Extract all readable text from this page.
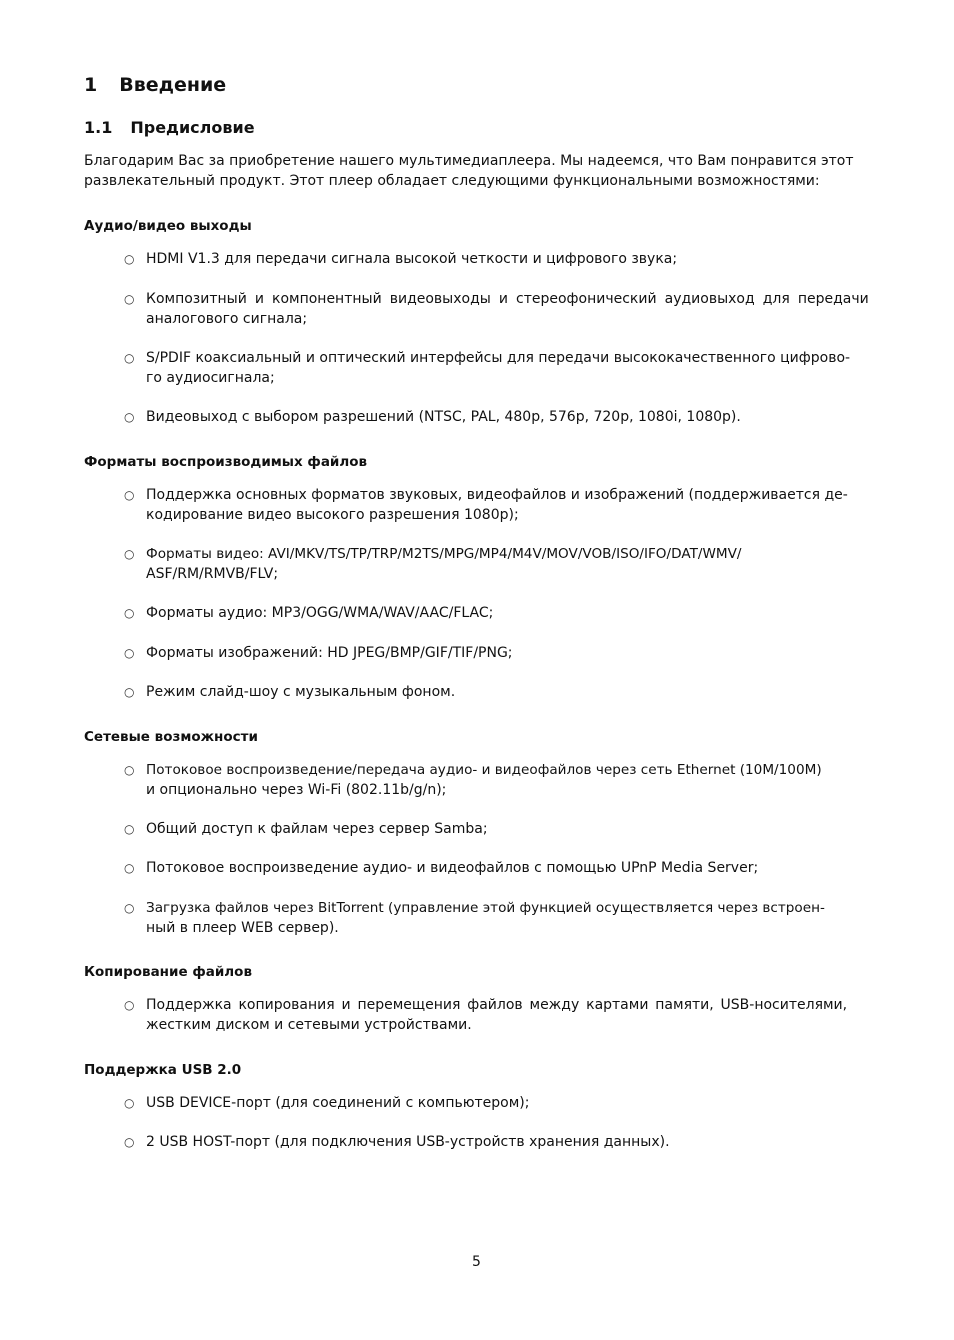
1 Введение
1.1 Предисловие
Благодарим Вас за приобретение нашего мультимедиаплеера. Мы надеемся, что Вам понравится этот
развлекательный продукт. Этот плеер обладает следующими функциональными возможностями:
Аудио/видео выходы
○ HDMI V1.3 для передачи сигнала высокой четкости и цифрового звука;
○ Композитный и компонентный видеовыходы и стереофонический аудиовыход для передачи
аналогового сигнала;
○ S/PDIF коаксиальный и оптический интерфейсы для передачи высококачественного цифрово-
го аудиосигнала;
○ Видеовыход с выбором разрешений (NTSC, PAL, 480p, 576p, 720p, 1080i, 1080p).
Форматы воспроизводимых файлов
○ Поддержка основных форматов звуковых, видеофайлов и изображений (поддерживается де-
кодирование видео высокого разрешения 1080p);
○ Форматы видео: AVI/MKV/TS/TP/TRP/M2TS/MPG/MP4/M4V/MOV/VOB/ISO/IFO/DAT/WMV/
ASF/RM/RMVB/FLV;
○ Форматы аудио: MP3/OGG/WMA/WAV/AAC/FLAC;
○ Форматы изображений: HD JPEG/BMP/GIF/TIF/PNG;
○ Режим слайд-шоу с музыкальным фоном.
Сетевые возможности
○ Потоковое воспроизведение/передача аудио- и видеофайлов через сеть Ethernet (10M/100M)
и опционально через Wi-Fi (802.11b/g/n);
○ Общий доступ к файлам через сервер Samba;
○ Потоковое воспроизведение аудио- и видеофайлов с помощью UPnP Media Server;
○ Загрузка файлов через BitTorrent (управление этой функцией осуществляется через встроен-
ный в плеер WEB сервер).
Копирование файлов
○ Поддержка копирования и перемещения файлов между картами памяти, USB-носителями,
жестким диском и сетевыми устройствами.
Поддержка USB 2.0
○ USB DEVICE-порт (для соединений с компьютером);
○ 2 USB HOST-порт (для подключения USB-устройств хранения данных).
5
